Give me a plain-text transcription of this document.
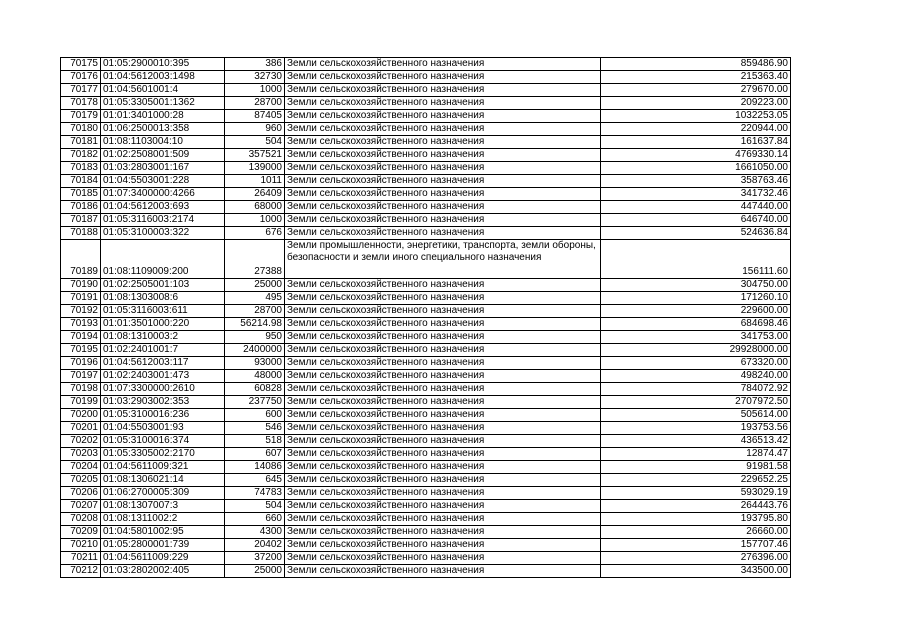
70175	01:05:2900010:395	386	Земли сельскохозяйственного назначения	859486.90
70176	01:04:5612003:1498	32730	Земли сельскохозяйственного назначения	215363.40
70177	01:04:5601001:4	1000	Земли сельскохозяйственного назначения	279670.00
70178	01:05:3305001:1362	28700	Земли сельскохозяйственного назначения	209223.00
70179	01:01:3401000:28	87405	Земли сельскохозяйственного назначения	1032253.05
70180	01:06:2500013:358	960	Земли сельскохозяйственного назначения	220944.00
70181	01:08:1103004:10	504	Земли сельскохозяйственного назначения	161637.84
70182	01:02:2508001:509	357521	Земли сельскохозяйственного назначения	4769330.14
70183	01:03:2803001:167	139000	Земли сельскохозяйственного назначения	1661050.00
70184	01:04:5503001:228	1011	Земли сельскохозяйственного назначения	358763.46
70185	01:07:3400000:4266	26409	Земли сельскохозяйственного назначения	341732.46
70186	01:04:5612003:693	68000	Земли сельскохозяйственного назначения	447440.00
70187	01:05:3116003:2174	1000	Земли сельскохозяйственного назначения	646740.00
70188	01:05:3100003:322	676	Земли сельскохозяйственного назначения	524636.84
70189	01:08:1109009:200	27388	Земли промышленности, энергетики, транспорта, земли обороны, безопасности и земли иного специального назначения	156111.60
70190	01:02:2505001:103	25000	Земли сельскохозяйственного назначения	304750.00
70191	01:08:1303008:6	495	Земли сельскохозяйственного назначения	171260.10
70192	01:05:3116003:611	28700	Земли сельскохозяйственного назначения	229600.00
70193	01:01:3501000:220	56214.98	Земли сельскохозяйственного назначения	684698.46
70194	01:08:1310003:2	950	Земли сельскохозяйственного назначения	341753.00
70195	01:02:2401001:7	2400000	Земли сельскохозяйственного назначения	29928000.00
70196	01:04:5612003:117	93000	Земли сельскохозяйственного назначения	673320.00
70197	01:02:2403001:473	48000	Земли сельскохозяйственного назначения	498240.00
70198	01:07:3300000:2610	60828	Земли сельскохозяйственного назначения	784072.92
70199	01:03:2903002:353	237750	Земли сельскохозяйственного назначения	2707972.50
70200	01:05:3100016:236	600	Земли сельскохозяйственного назначения	505614.00
70201	01:04:5503001:93	546	Земли сельскохозяйственного назначения	193753.56
70202	01:05:3100016:374	518	Земли сельскохозяйственного назначения	436513.42
70203	01:05:3305002:2170	607	Земли сельскохозяйственного назначения	12874.47
70204	01:04:5611009:321	14086	Земли сельскохозяйственного назначения	91981.58
70205	01:08:1306021:14	645	Земли сельскохозяйственного назначения	229652.25
70206	01:06:2700005:309	74783	Земли сельскохозяйственного назначения	593029.19
70207	01:08:1307007:3	504	Земли сельскохозяйственного назначения	264443.76
70208	01:08:1311002:2	660	Земли сельскохозяйственного назначения	193795.80
70209	01:04:5801002:95	4300	Земли сельскохозяйственного назначения	26660.00
70210	01:05:2800001:739	20402	Земли сельскохозяйственного назначения	157707.46
70211	01:04:5611009:229	37200	Земли сельскохозяйственного назначения	276396.00
70212	01:03:2802002:405	25000	Земли сельскохозяйственного назначения	343500.00
